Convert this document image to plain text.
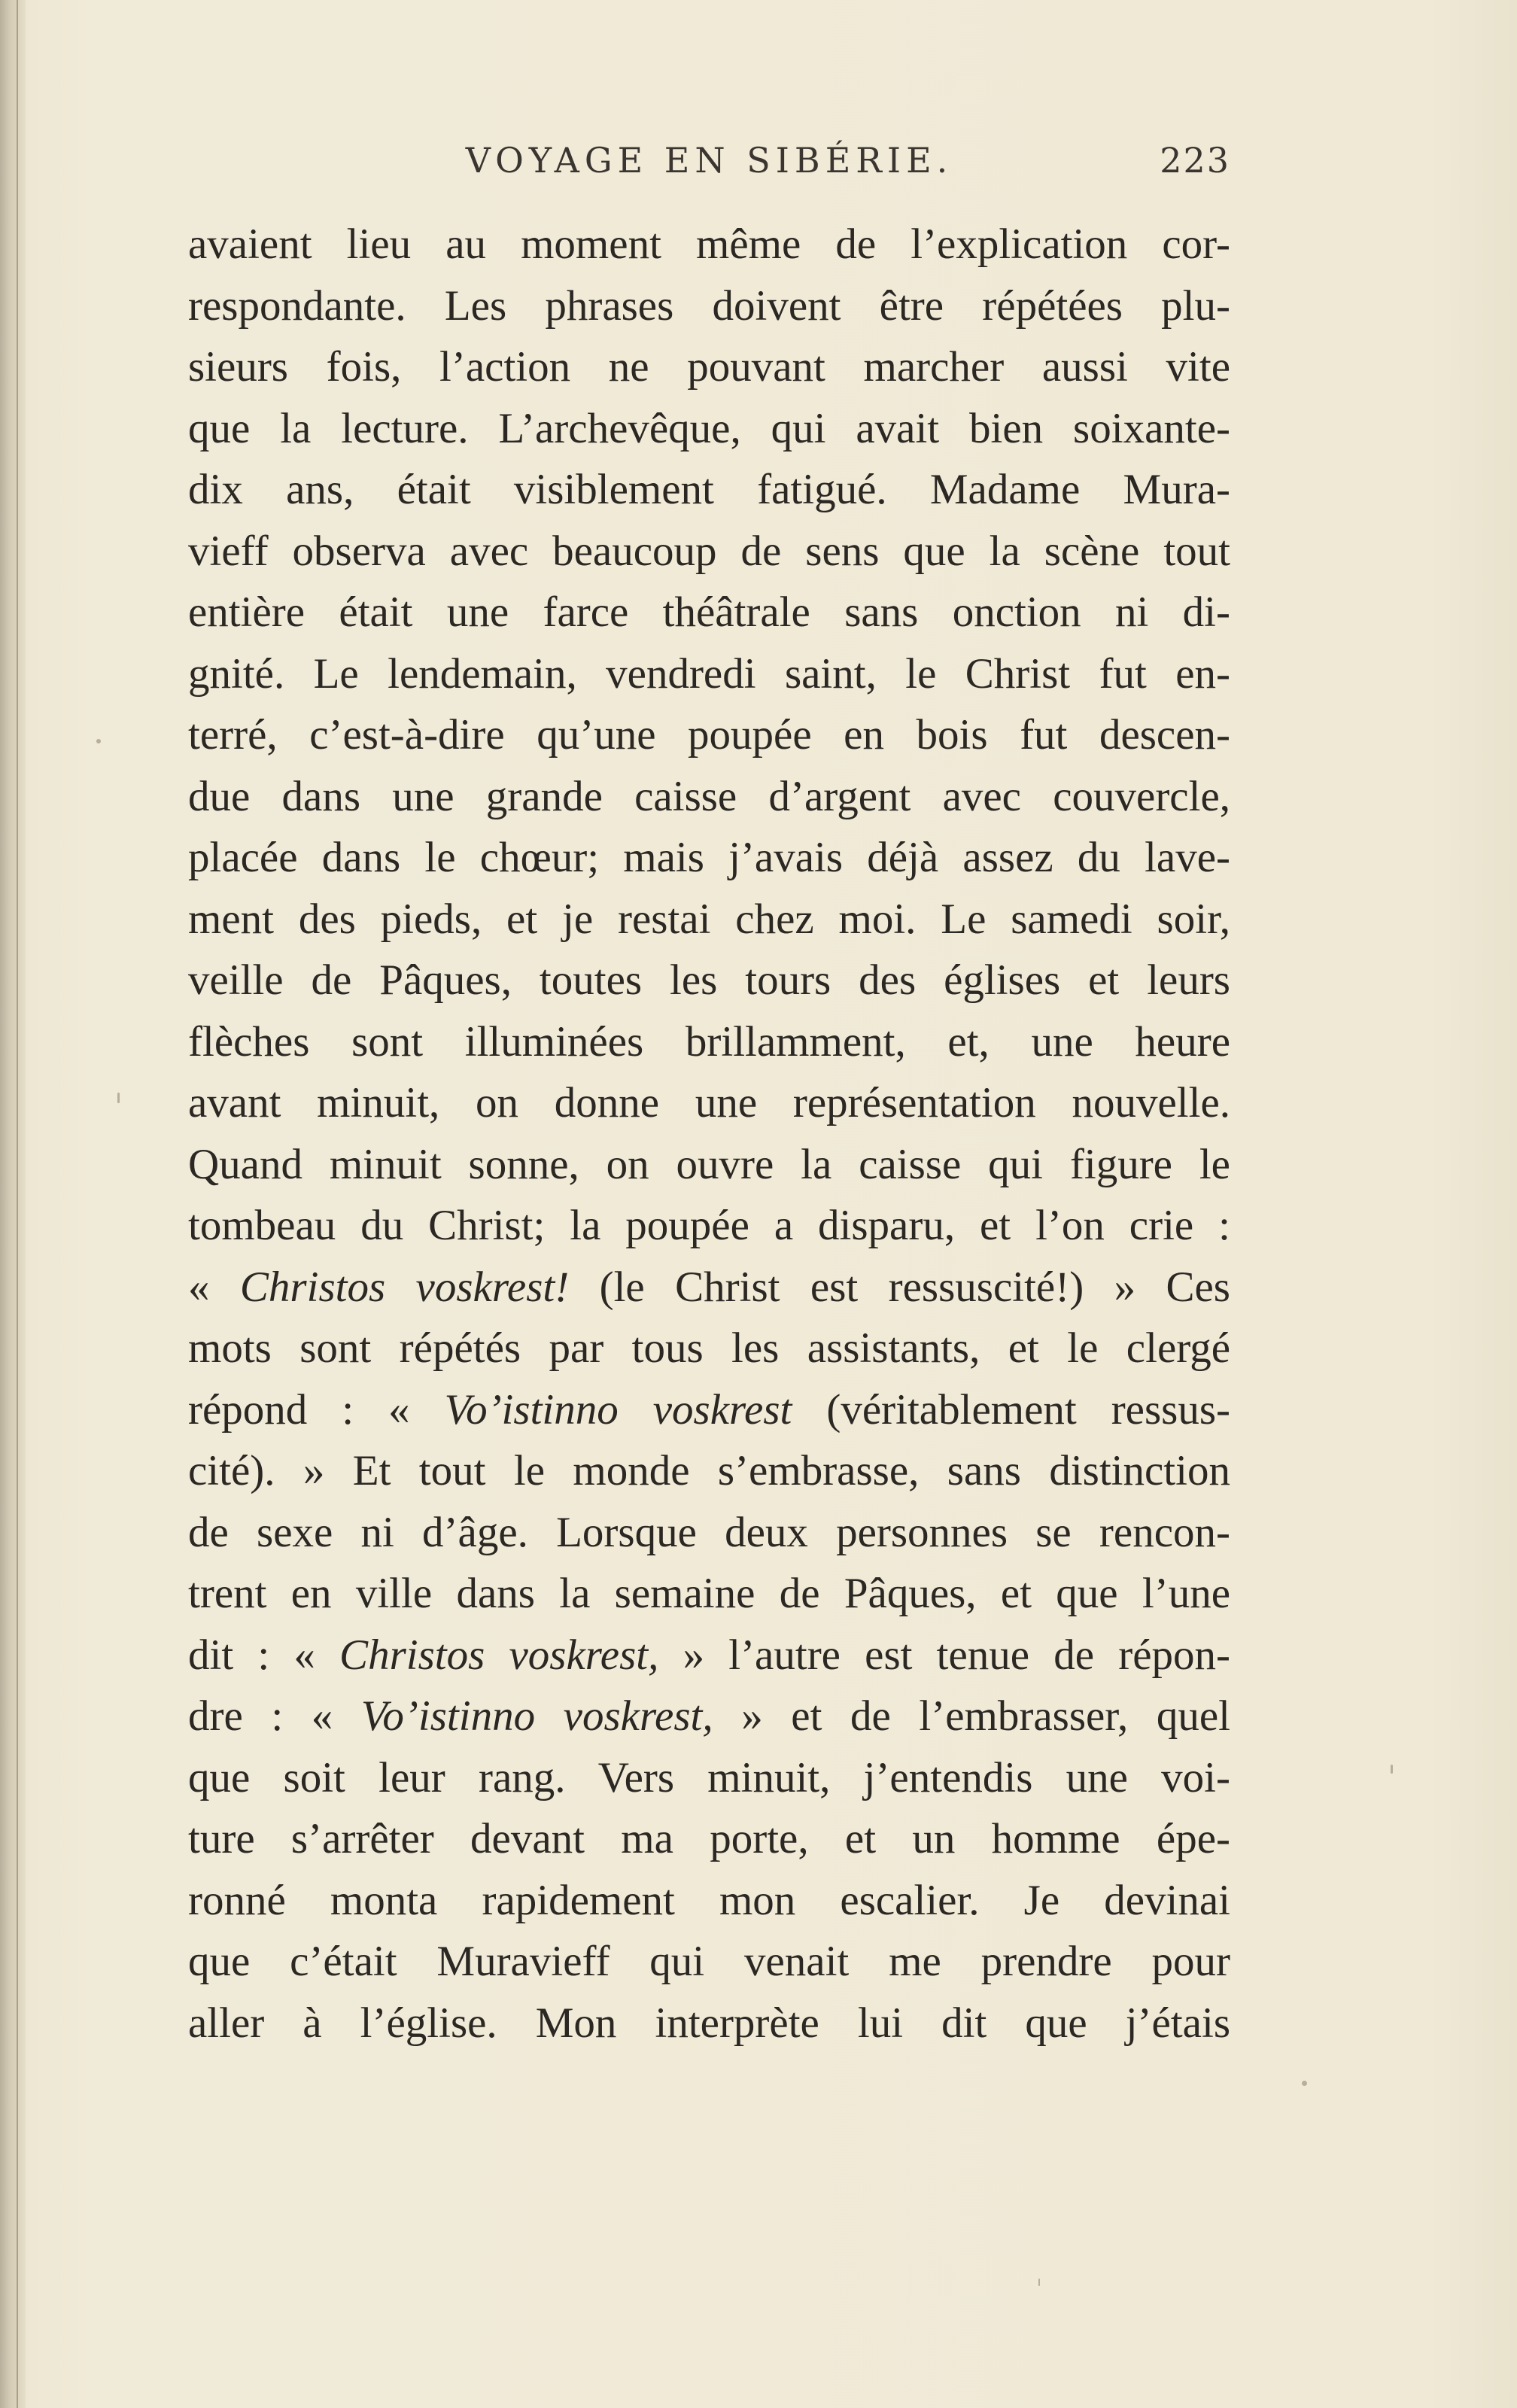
VOYAGE EN SIBÉRIE.	223
avaient lieu au moment même de l’explication cor-
respondante. Les phrases doivent être répétées plu-
sieurs fois, l’action ne pouvant marcher aussi vite
que la lecture. L’archevêque, qui avait bien soixante-
dix ans, était visiblement fatigué. Madame Mura-
vieff observa avec beaucoup de sens que la scène tout
entière était une farce théâtrale sans onction ni di-
gnité. Le lendemain, vendredi saint, le Christ fut en-
terré, c’est-à-dire qu’une poupée en bois fut descen-
due dans une grande caisse d’argent avec couvercle,
placée dans le chœur; mais j’avais déjà assez du lave-
ment des pieds, et je restai chez moi. Le samedi soir,
veille de Pâques, toutes les tours des églises et leurs
flèches sont illuminées brillamment, et, une heure
avant minuit, on donne une représentation nouvelle.
Quand minuit sonne, on ouvre la caisse qui figure le
tombeau du Christ; la poupée a disparu, et l’on crie :
« Christos voskrest! (le Christ est ressuscité!) » Ces
mots sont répétés par tous les assistants, et le clergé
répond : « Vo’istinno voskrest (véritablement ressus-
cité). » Et tout le monde s’embrasse, sans distinction
de sexe ni d’âge. Lorsque deux personnes se rencon-
trent en ville dans la semaine de Pâques, et que l’une
dit : « Christos voskrest, » l’autre est tenue de répon-
dre : « Vo’istinno voskrest, » et de l’embrasser, quel
que soit leur rang. Vers minuit, j’entendis une voi-
ture s’arrêter devant ma porte, et un homme épe-
ronné monta rapidement mon escalier. Je devinai
que c’était Muravieff qui venait me prendre pour
aller à l’église. Mon interprète lui dit que j’étais
